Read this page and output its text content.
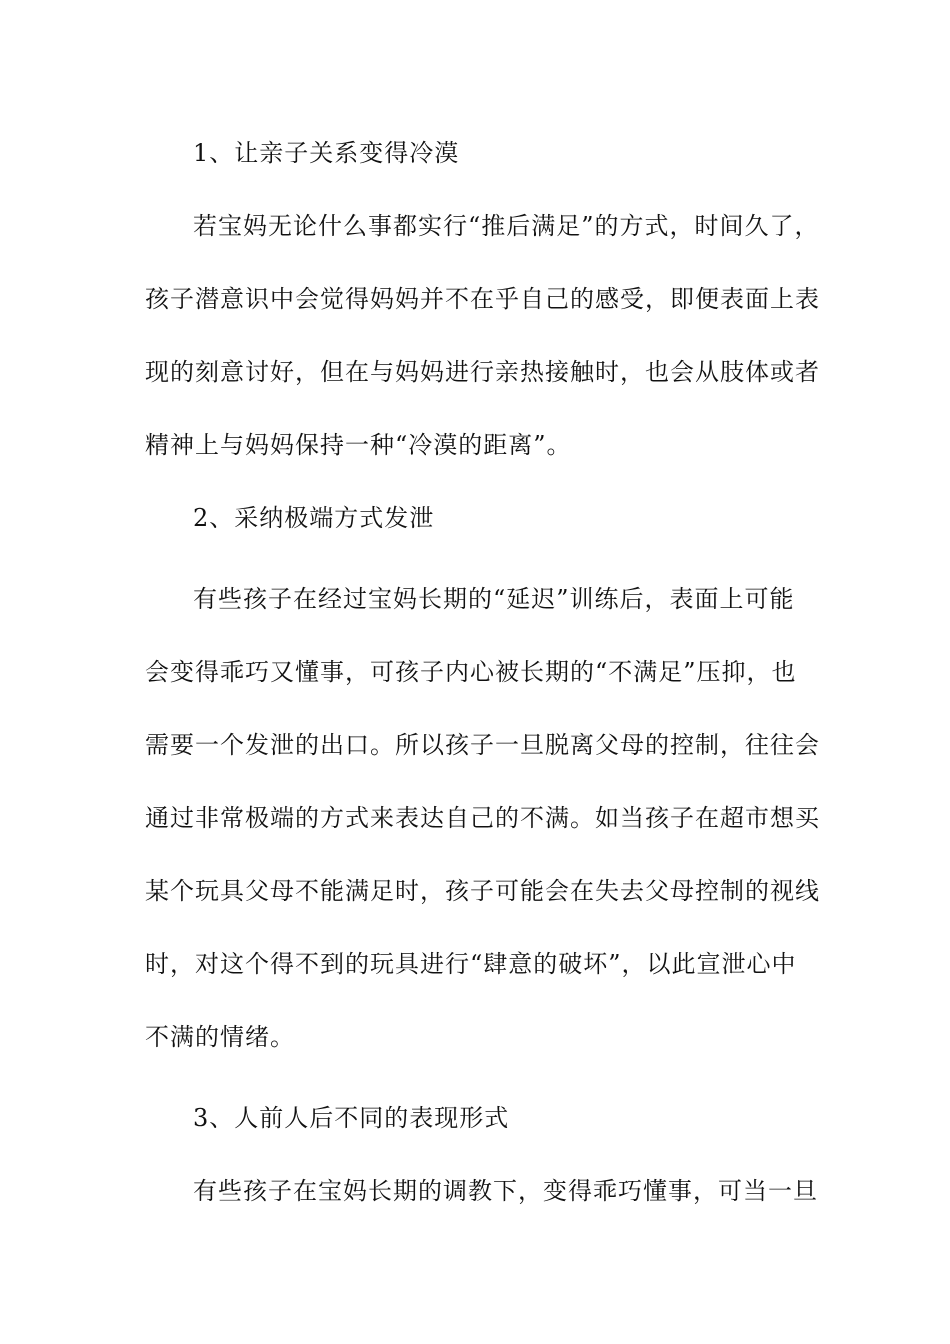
1、让亲子关系变得冷漠
若宝妈无论什么事都实行“推后满足”的方式，时间久了，
孩子潜意识中会觉得妈妈并不在乎自己的感受，即便表面上表
现的刻意讨好，但在与妈妈进行亲热接触时，也会从肢体或者
精神上与妈妈保持一种“冷漠的距离”。
2、采纳极端方式发泄
有些孩子在经过宝妈长期的“延迟”训练后，表面上可能
会变得乖巧又懂事，可孩子内心被长期的“不满足”压抑，也
需要一个发泄的出口。所以孩子一旦脱离父母的控制，往往会
通过非常极端的方式来表达自己的不满。如当孩子在超市想买
某个玩具父母不能满足时，孩子可能会在失去父母控制的视线
时，对这个得不到的玩具进行“肆意的破坏”，以此宣泄心中
不满的情绪。
3、人前人后不同的表现形式
有些孩子在宝妈长期的调教下，变得乖巧懂事，可当一旦
